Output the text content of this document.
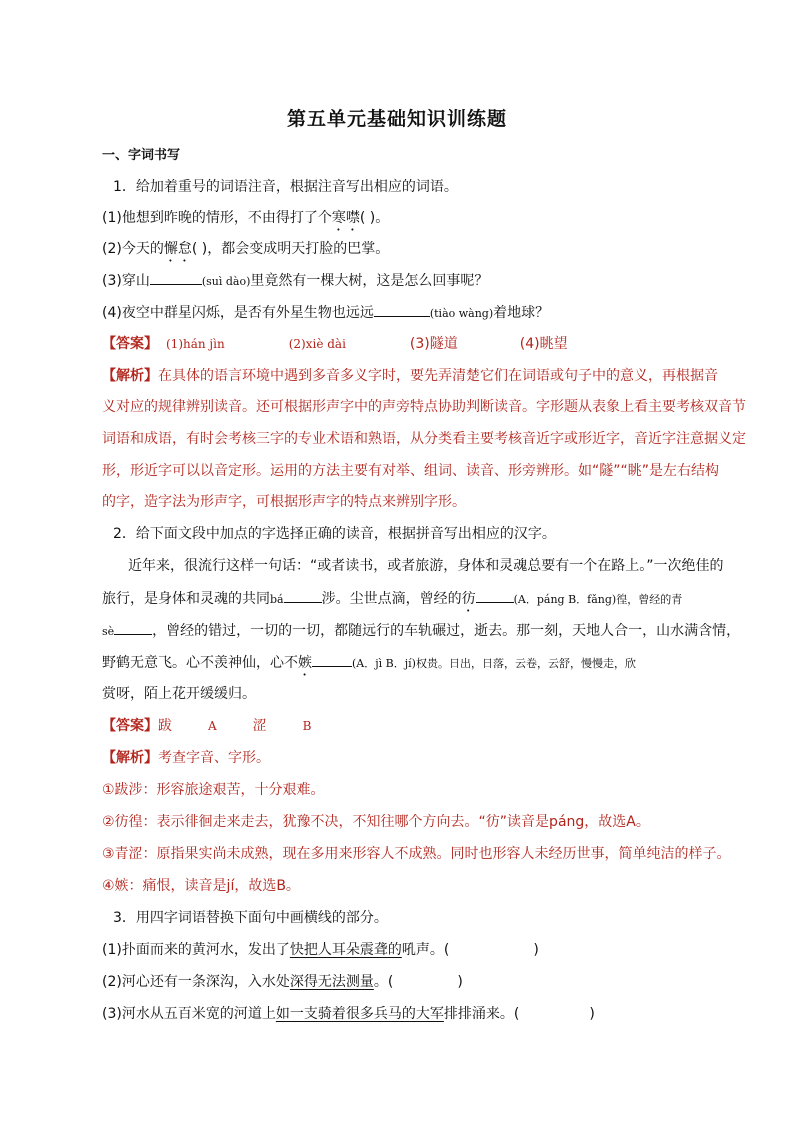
第五单元基础知识训练题
一、字词书写
1．给加着重号的词语注音，根据注音写出相应的词语。
(1)他想到昨晚的情形，不由得打了个寒噤( )。
(2)今天的懈怠( )，都会变成明天打脸的巴掌。
(3)穿山	(suì dào)里竟然有一棵大树，这是怎么回事呢？
(4)夜空中群星闪烁，是否有外星生物也远远	(tiào wàng)着地球？
【答案】 (1)hán jìn	(2)xiè dài	(3)隧道	(4)眺望
【解析】在具体的语言环境中遇到多音多义字时，要先弄清楚它们在词语或句子中的意义，再根据音
义对应的规律辨别读音。还可根据形声字中的声旁特点协助判断读音。字形题从表象上看主要考核双音节
词语和成语，有时会考核三字的专业术语和熟语，从分类看主要考核音近字或形近字，音近字注意据义定
形，形近字可以以音定形。运用的方法主要有对举、组词、读音、形旁辨形。如“隧”“眺”是左右结构
的字，造字法为形声字，可根据形声字的特点来辨别字形。
2．给下面文段中加点的字选择正确的读音，根据拼音写出相应的汉字。
近年来，很流行这样一句话：“或者读书，或者旅游，身体和灵魂总要有一个在路上。”一次绝佳的
旅行，是身体和灵魂的共同bá	涉。尘世点滴，曾经的彷	(A．páng B．fǎng)徨，曾经的青
sè	，曾经的错过，一切的一切，都随远行的车轨碾过，逝去。那一刻，天地人合一，山水满含情，
野鹤无意飞。心不羡神仙，心不嫉	(A．jì B．jí)权贵。日出，日落，云卷，云舒，慢慢走，欣
赏呀，陌上花开缓缓归。
【答案】跋	A	涩	B
【解析】考查字音、字形。
①跋涉：形容旅途艰苦，十分艰难。
②彷徨：表示徘徊走来走去，犹豫不决，不知往哪个方向去。“彷”读音是páng，故选A。
③青涩：原指果实尚未成熟，现在多用来形容人不成熟。同时也形容人未经历世事，简单纯洁的样子。
④嫉：痛恨，读音是jí，故选B。
3．用四字词语替换下面句中画横线的部分。
(1)扑面而来的黄河水，发出了快把人耳朵震聋的吼声。(	)
(2)河心还有一条深沟，入水处深得无法测量。(	)
(3)河水从五百米宽的河道上如一支骑着很多兵马的大军排排涌来。(	)
